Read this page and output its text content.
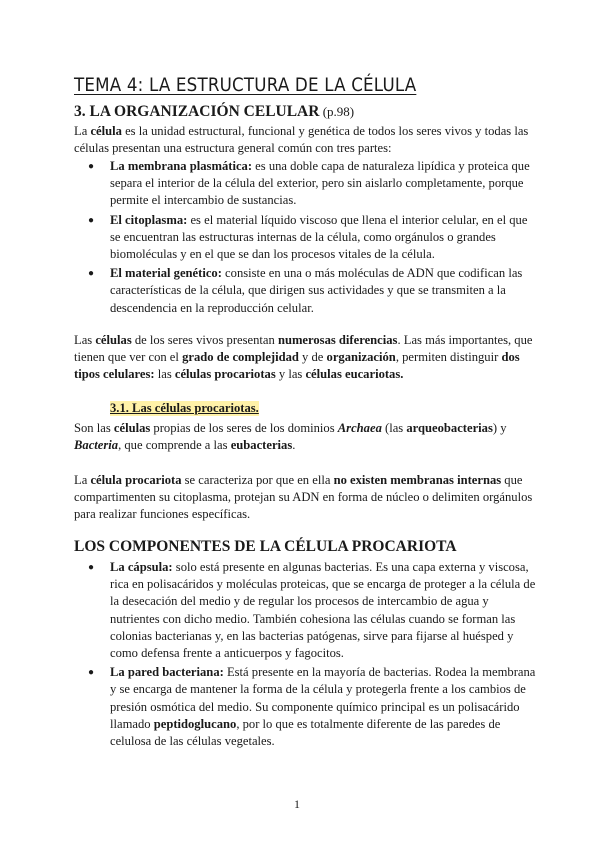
TEMA 4: LA ESTRUCTURA DE LA CÉLULA
3. LA ORGANIZACIÓN CELULAR (p.98)

La célula es la unidad estructural, funcional y genética de todos los seres vivos y todas las células presentan una estructura general común con tres partes:

● La membrana plasmática: es una doble capa de naturaleza lipídica y proteica que separa el interior de la célula del exterior, pero sin aislarlo completamente, porque permite el intercambio de sustancias.
● El citoplasma: es el material líquido viscoso que llena el interior celular, en el que se encuentran las estructuras internas de la célula, como orgánulos o grandes biomoléculas y en el que se dan los procesos vitales de la célula.
● El material genético: consiste en una o más moléculas de ADN que codifican las características de la célula, que dirigen sus actividades y que se transmiten a la descendencia en la reproducción celular.

Las células de los seres vivos presentan numerosas diferencias. Las más importantes, que tienen que ver con el grado de complejidad y de organización, permiten distinguir dos tipos celulares: las células procariotas y las células eucariotas.

3.1. Las células procariotas.

Son las células propias de los seres de los dominios Archaea (las arqueobacterias) y Bacteria, que comprende a las eubacterias.

La célula procariota se caracteriza por que en ella no existen membranas internas que compartimenten su citoplasma, protejan su ADN en forma de núcleo o delimiten orgánulos para realizar funciones específicas.

LOS COMPONENTES DE LA CÉLULA PROCARIOTA
● La cápsula: solo está presente en algunas bacterias. Es una capa externa y viscosa, rica en polisacáridos y moléculas proteicas, que se encarga de proteger a la célula de la desecación del medio y de regular los procesos de intercambio de agua y nutrientes con dicho medio. También cohesiona las células cuando se forman las colonias bacterianas y, en las bacterias patógenas, sirve para fijarse al huésped y como defensa frente a anticuerpos y fagocitos.
● La pared bacteriana: Está presente en la mayoría de bacterias. Rodea la membrana y se encarga de mantener la forma de la célula y protegerla frente a los cambios de presión osmótica del medio. Su componente químico principal es un polisacárido llamado peptidoglucano, por lo que es totalmente diferente de las paredes de celulosa de las células vegetales.

1
